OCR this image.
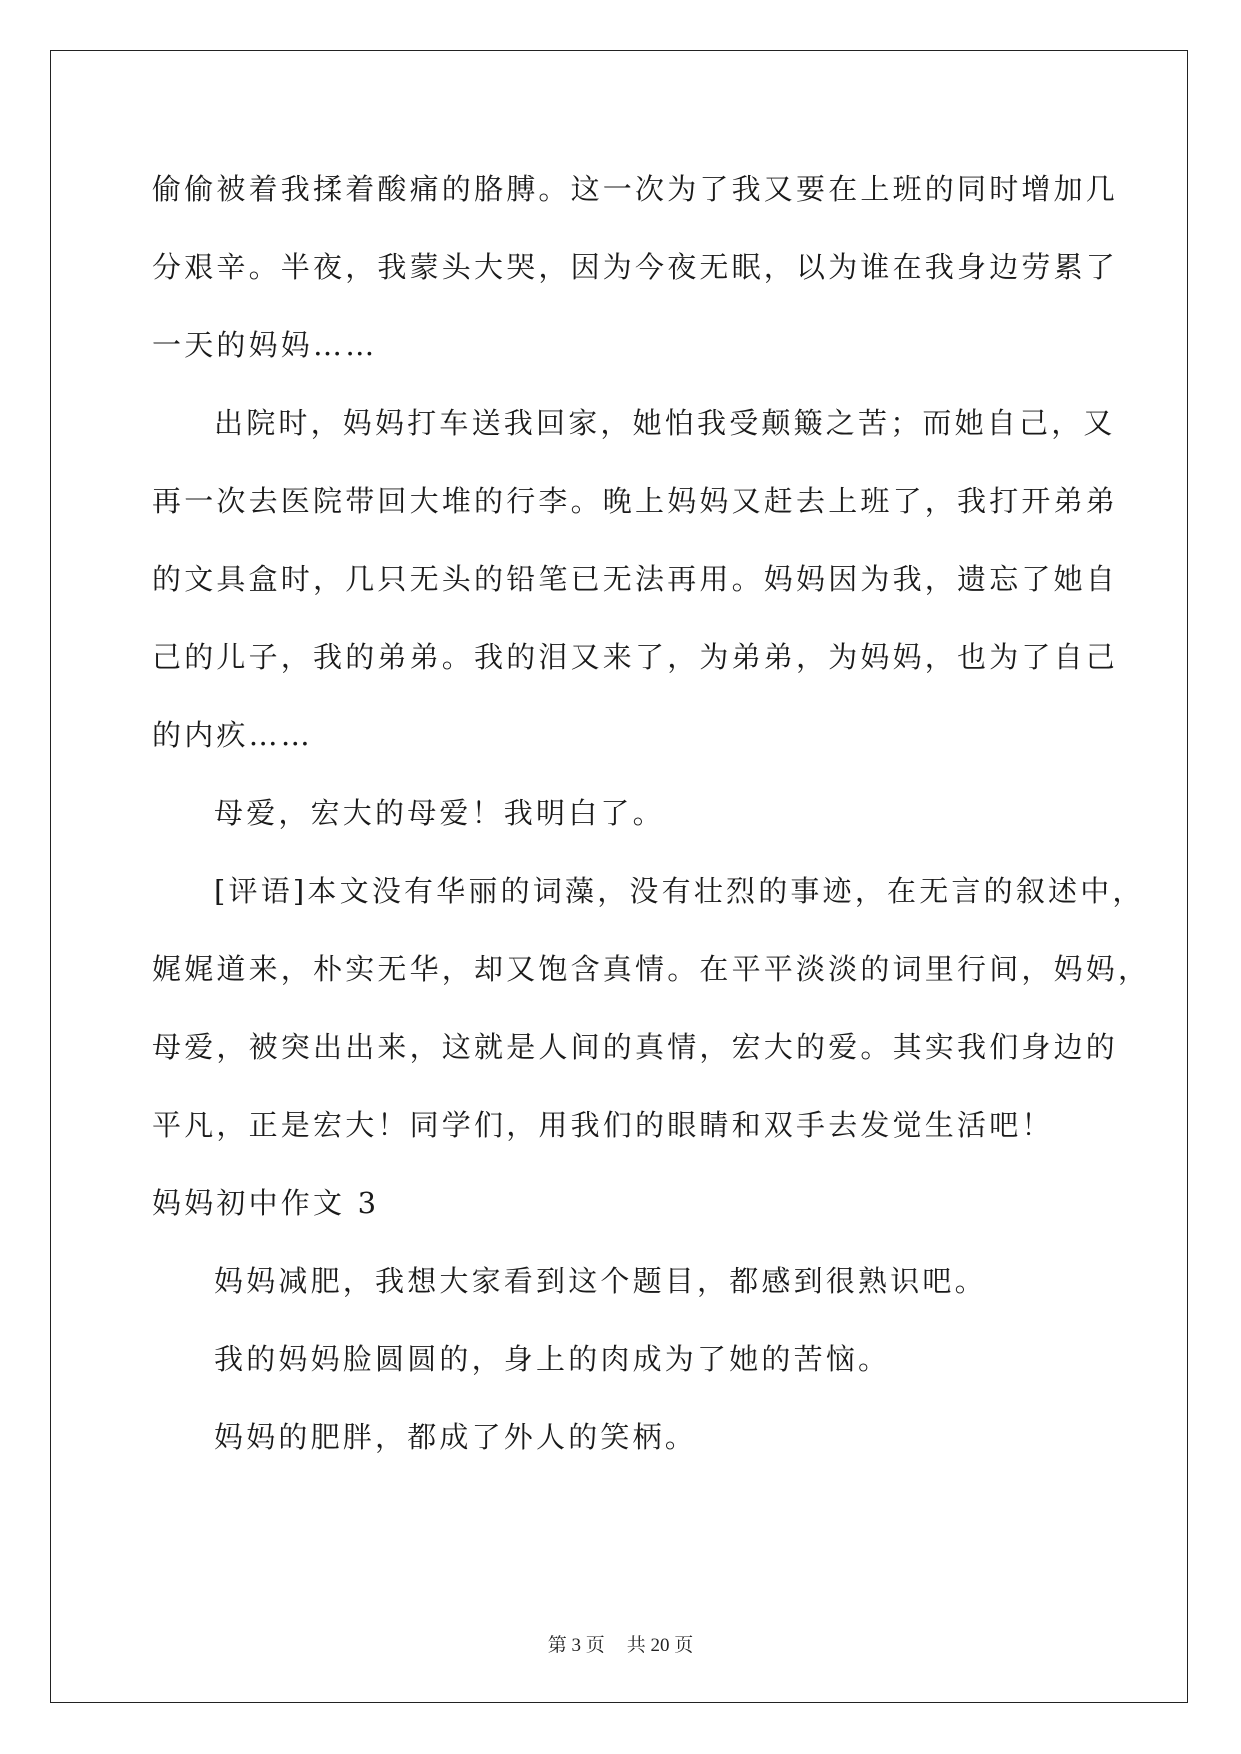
偷偷被着我揉着酸痛的胳膊。这一次为了我又要在上班的同时增加几
分艰辛。半夜，我蒙头大哭，因为今夜无眠，以为谁在我身边劳累了
一天的妈妈……
出院时，妈妈打车送我回家，她怕我受颠簸之苦；而她自己，又
再一次去医院带回大堆的行李。晚上妈妈又赶去上班了，我打开弟弟
的文具盒时，几只无头的铅笔已无法再用。妈妈因为我，遗忘了她自
己的儿子，我的弟弟。我的泪又来了，为弟弟，为妈妈，也为了自己
的内疚……
母爱，宏大的母爱！我明白了。
[评语]本文没有华丽的词藻，没有壮烈的事迹，在无言的叙述中，
娓娓道来，朴实无华，却又饱含真情。在平平淡淡的词里行间，妈妈，
母爱，被突出出来，这就是人间的真情，宏大的爱。其实我们身边的
平凡，正是宏大！同学们，用我们的眼睛和双手去发觉生活吧！
妈妈初中作文 3
妈妈减肥，我想大家看到这个题目，都感到很熟识吧。
我的妈妈脸圆圆的，身上的肉成为了她的苦恼。
妈妈的肥胖，都成了外人的笑柄。
第 3 页 共 20 页
